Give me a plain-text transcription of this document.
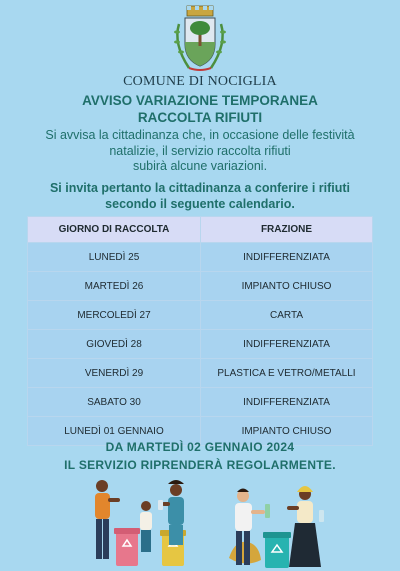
COMUNE DI NOCIGLIA
AVVISO VARIAZIONE TEMPORANEA
RACCOLTA RIFIUTI
Si avvisa la cittadinanza che, in occasione delle festività
natalizie, il servizio raccolta rifiuti
subirà alcune variazioni.
Si invita pertanto la cittadinanza a conferire i rifiuti
secondo il seguente calendario.
GIORNO DI RACCOLTA	FRAZIONE
LUNEDÌ 25	INDIFFERENZIATA
MARTEDÌ 26	IMPIANTO CHIUSO
MERCOLEDÌ 27	CARTA
GIOVEDÌ 28	INDIFFERENZIATA
VENERDÌ 29	PLASTICA E VETRO/METALLI
SABATO 30	INDIFFERENZIATA
LUNEDÌ 01 GENNAIO	IMPIANTO CHIUSO
DA MARTEDÌ 02 GENNAIO 2024
IL SERVIZIO RIPRENDERÀ REGOLARMENTE.
